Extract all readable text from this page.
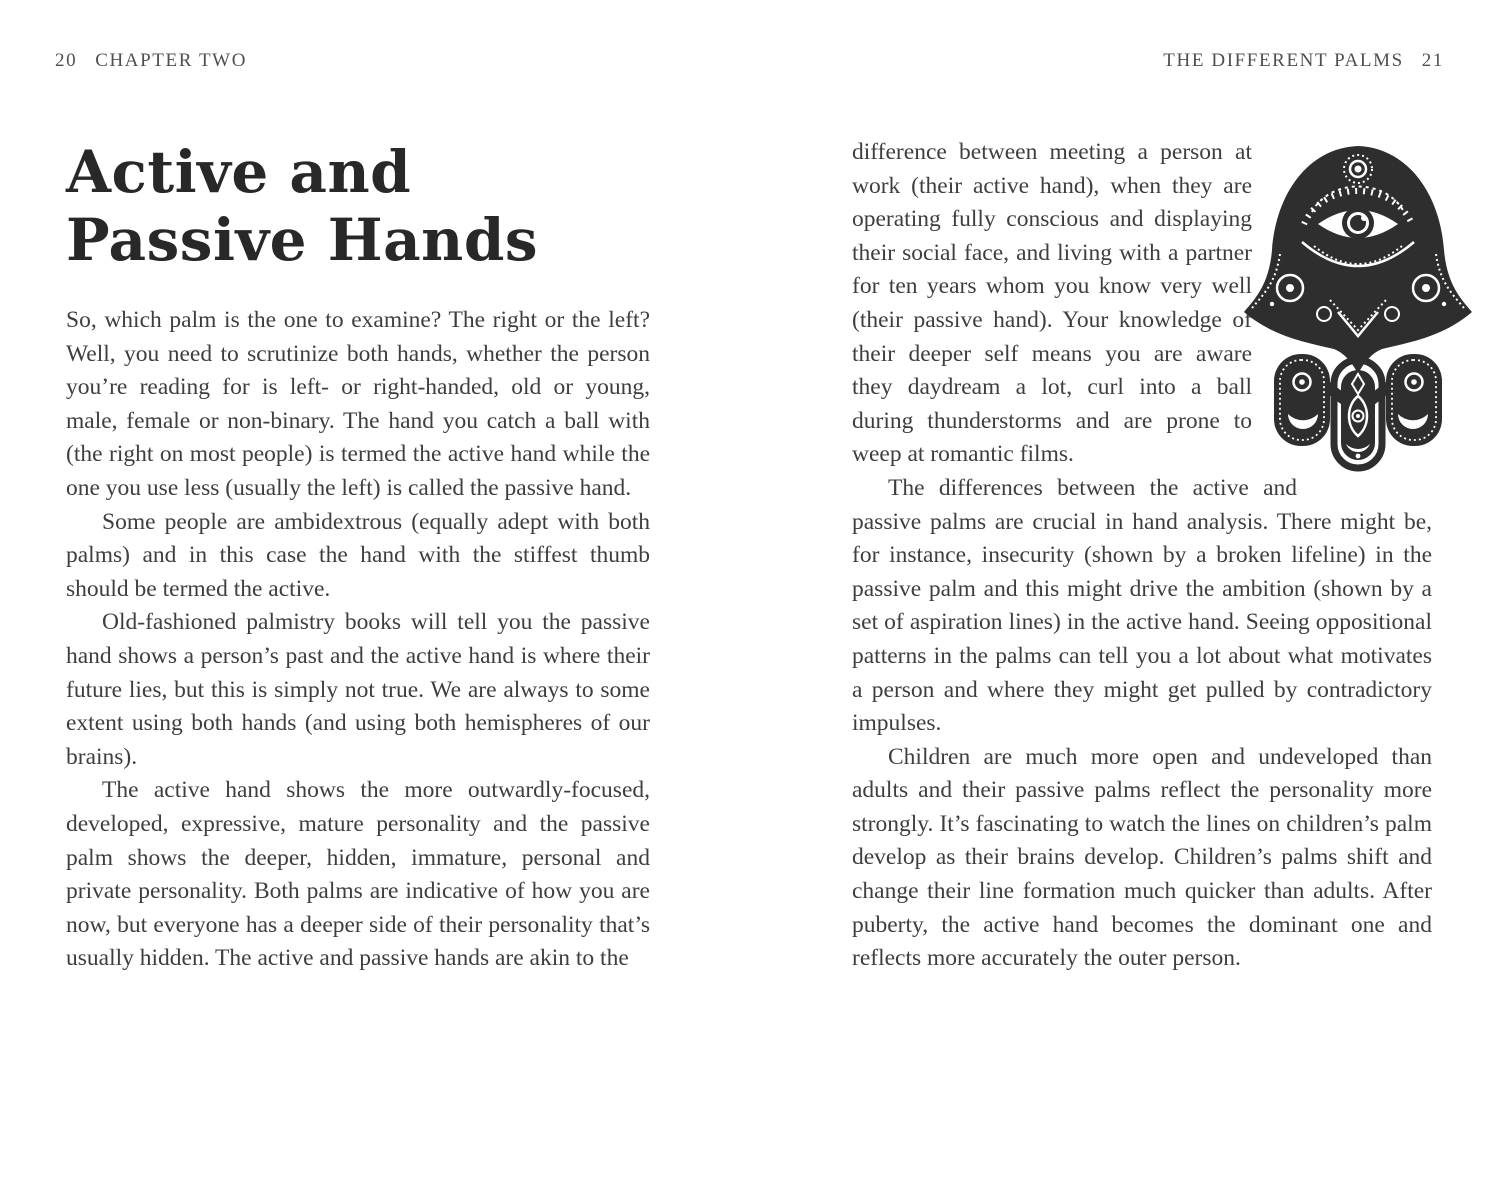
20 CHAPTER TWO
Active and
Passive Hands

So, which palm is the one to examine? The right or the left? Well, you need to scrutinize both hands, whether the person you’re reading for is left- or right-handed, old or young, male, female or non-binary. The hand you catch a ball with (the right on most people) is termed the active hand while the one you use less (usually the left) is called the passive hand.

Some people are ambidextrous (equally adept with both palms) and in this case the hand with the stiffest thumb should be termed the active.

Old-fashioned palmistry books will tell you the passive hand shows a person’s past and the active hand is where their future lies, but this is simply not true. We are always to some extent using both hands (and using both hemispheres of our brains).

The active hand shows the more outwardly-focused, developed, expressive, mature personality and the passive palm shows the deeper, hidden, immature, personal and private personality. Both palms are indicative of how you are now, but everyone has a deeper side of their personality that’s usually hidden. The active and passive hands are akin to the

THE DIFFERENT PALMS 21

difference between meeting a person at work (their active hand), when they are operating fully conscious and displaying their social face, and living with a partner for ten years whom you know very well (their passive hand). Your knowledge of their deeper self means you are aware they daydream a lot, curl into a ball during thunderstorms and are prone to weep at romantic films.

The differences between the active and passive palms are crucial in hand analysis. There might be, for instance, insecurity (shown by a broken lifeline) in the passive palm and this might drive the ambition (shown by a set of aspiration lines) in the active hand. Seeing oppositional patterns in the palms can tell you a lot about what motivates a person and where they might get pulled by contradictory impulses.

Children are much more open and undeveloped than adults and their passive palms reflect the personality more strongly. It’s fascinating to watch the lines on children’s palm develop as their brains develop. Children’s palms shift and change their line formation much quicker than adults. After puberty, the active hand becomes the dominant one and reflects more accurately the outer person.
